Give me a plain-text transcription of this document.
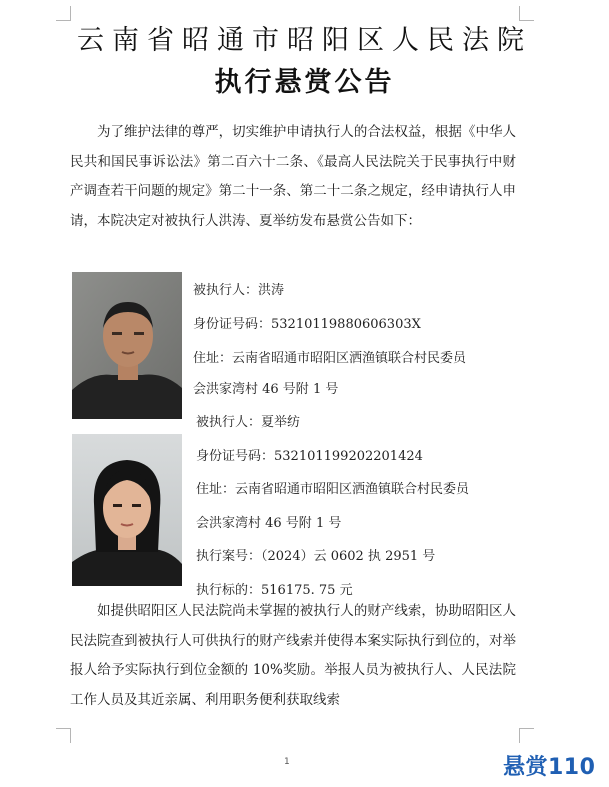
云南省昭通市昭阳区人民法院
执行悬赏公告

为了维护法律的尊严，切实维护申请执行人的合法权益，根据《中华人民共和国民事诉讼法》第二百六十二条、《最高人民法院关于民事执行中财产调查若干问题的规定》第二十一条、第二十二条之规定，经申请执行人申请，本院决定对被执行人洪涛、夏举纺发布悬赏公告如下：

被执行人：洪涛
身份证号码：53210119880606303X
住址：云南省昭通市昭阳区洒渔镇联合村民委员
会洪家湾村 46 号附 1 号
被执行人：夏举纺
身份证号码：532101199202201424
住址：云南省昭通市昭阳区洒渔镇联合村民委员
会洪家湾村 46 号附 1 号
执行案号：（2024）云 0602 执 2951 号
执行标的：516175. 75 元

如提供昭阳区人民法院尚未掌握的被执行人的财产线索，协助昭阳区人民法院查到被执行人可供执行的财产线索并使得本案实际执行到位的，对举报人给予实际执行到位金额的 10%奖励。举报人员为被执行人、人民法院工作人员及其近亲属、利用职务便利获取线索

1	悬赏110
